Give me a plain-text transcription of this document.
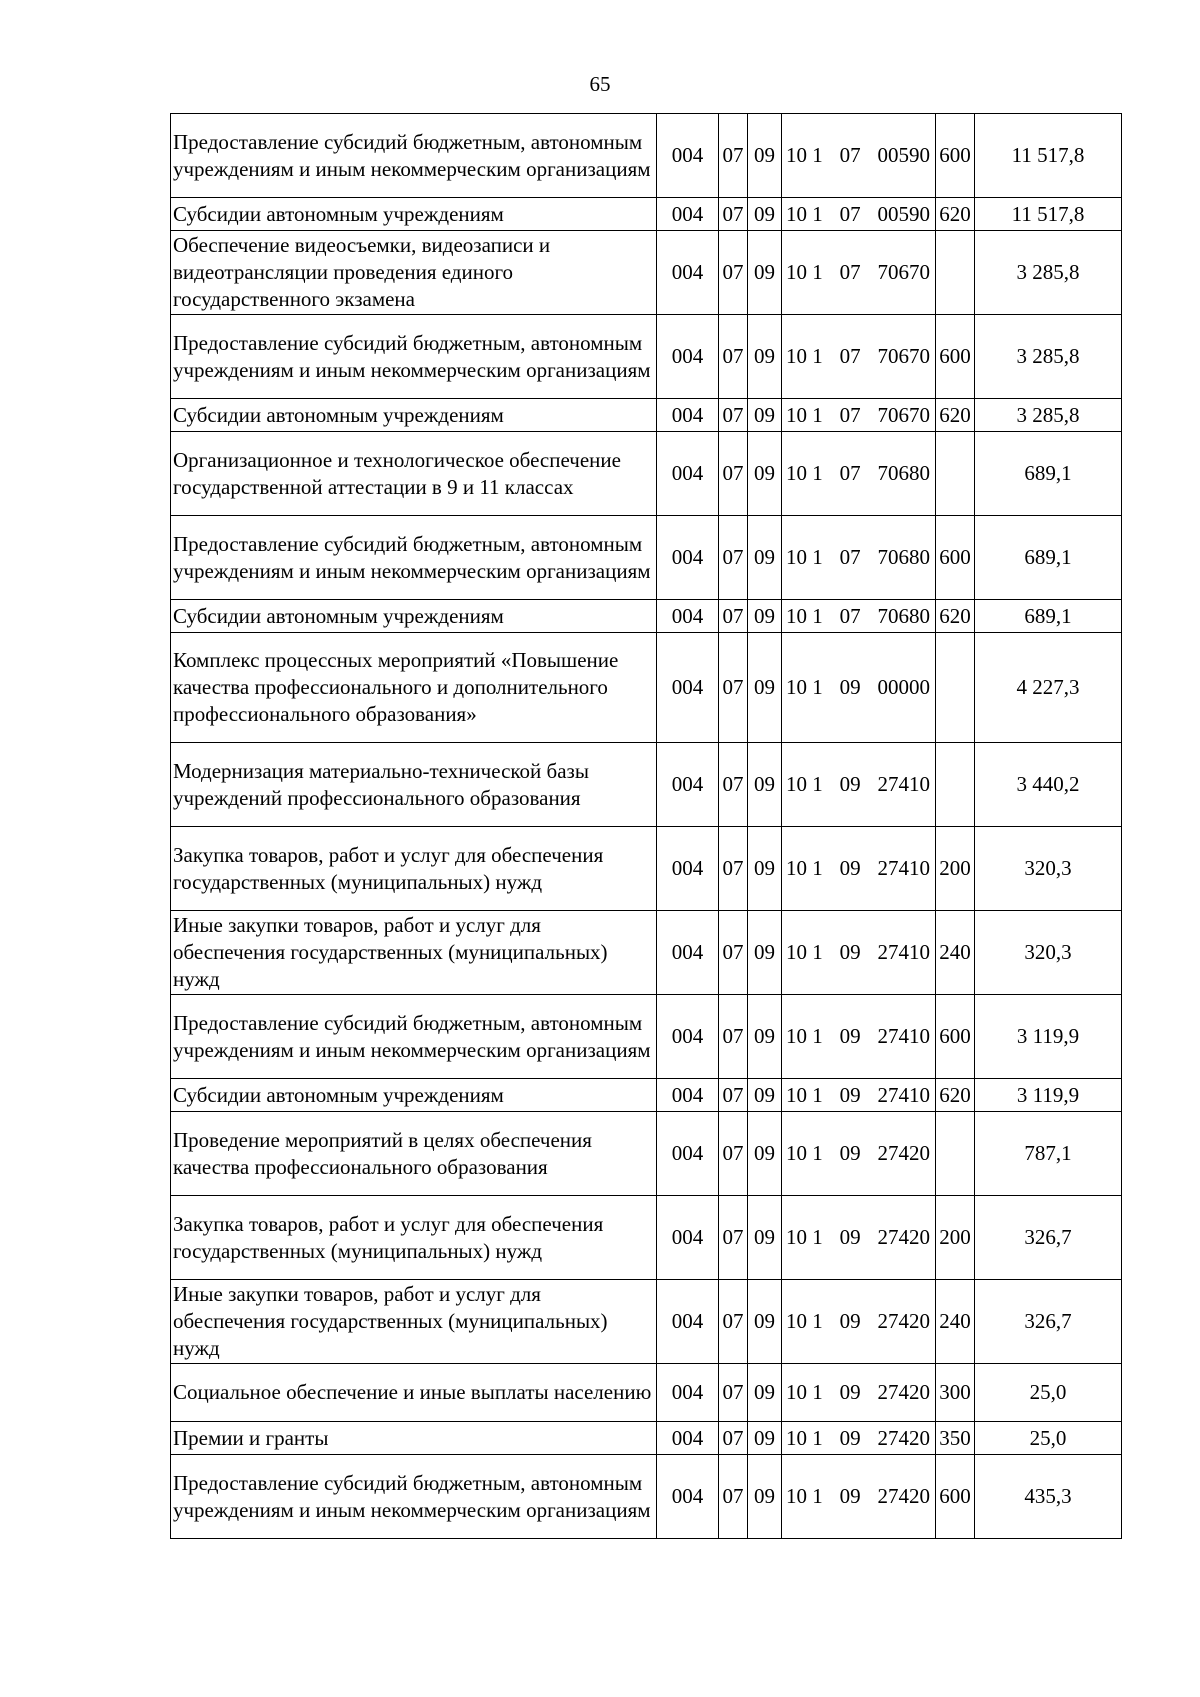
65
Предоставление субсидий бюджетным, автономным учреждениям и иным некоммерческим организациям	004	07	09	10 1 07 00590	600	11 517,8
Субсидии автономным учреждениям	004	07	09	10 1 07 00590	620	11 517,8
Обеспечение видеосъемки, видеозаписи и видеотрансляции проведения единого государственного экзамена	004	07	09	10 1 07 70670		3 285,8
Предоставление субсидий бюджетным, автономным учреждениям и иным некоммерческим организациям	004	07	09	10 1 07 70670	600	3 285,8
Субсидии автономным учреждениям	004	07	09	10 1 07 70670	620	3 285,8
Организационное и технологическое обеспечение государственной аттестации в 9 и 11 классах	004	07	09	10 1 07 70680		689,1
Предоставление субсидий бюджетным, автономным учреждениям и иным некоммерческим организациям	004	07	09	10 1 07 70680	600	689,1
Субсидии автономным учреждениям	004	07	09	10 1 07 70680	620	689,1
Комплекс процессных мероприятий «Повышение качества профессионального и дополнительного профессионального образования»	004	07	09	10 1 09 00000		4 227,3
Модернизация материально-технической базы учреждений профессионального образования	004	07	09	10 1 09 27410		3 440,2
Закупка товаров, работ и услуг для обеспечения государственных (муниципальных) нужд	004	07	09	10 1 09 27410	200	320,3
Иные закупки товаров, работ и услуг для обеспечения государственных (муниципальных) нужд	004	07	09	10 1 09 27410	240	320,3
Предоставление субсидий бюджетным, автономным учреждениям и иным некоммерческим организациям	004	07	09	10 1 09 27410	600	3 119,9
Субсидии автономным учреждениям	004	07	09	10 1 09 27410	620	3 119,9
Проведение мероприятий в целях обеспечения качества профессионального образования	004	07	09	10 1 09 27420		787,1
Закупка товаров, работ и услуг для обеспечения государственных (муниципальных) нужд	004	07	09	10 1 09 27420	200	326,7
Иные закупки товаров, работ и услуг для обеспечения государственных (муниципальных) нужд	004	07	09	10 1 09 27420	240	326,7
Социальное обеспечение и иные выплаты населению	004	07	09	10 1 09 27420	300	25,0
Премии и гранты	004	07	09	10 1 09 27420	350	25,0
Предоставление субсидий бюджетным, автономным учреждениям и иным некоммерческим организациям	004	07	09	10 1 09 27420	600	435,3
